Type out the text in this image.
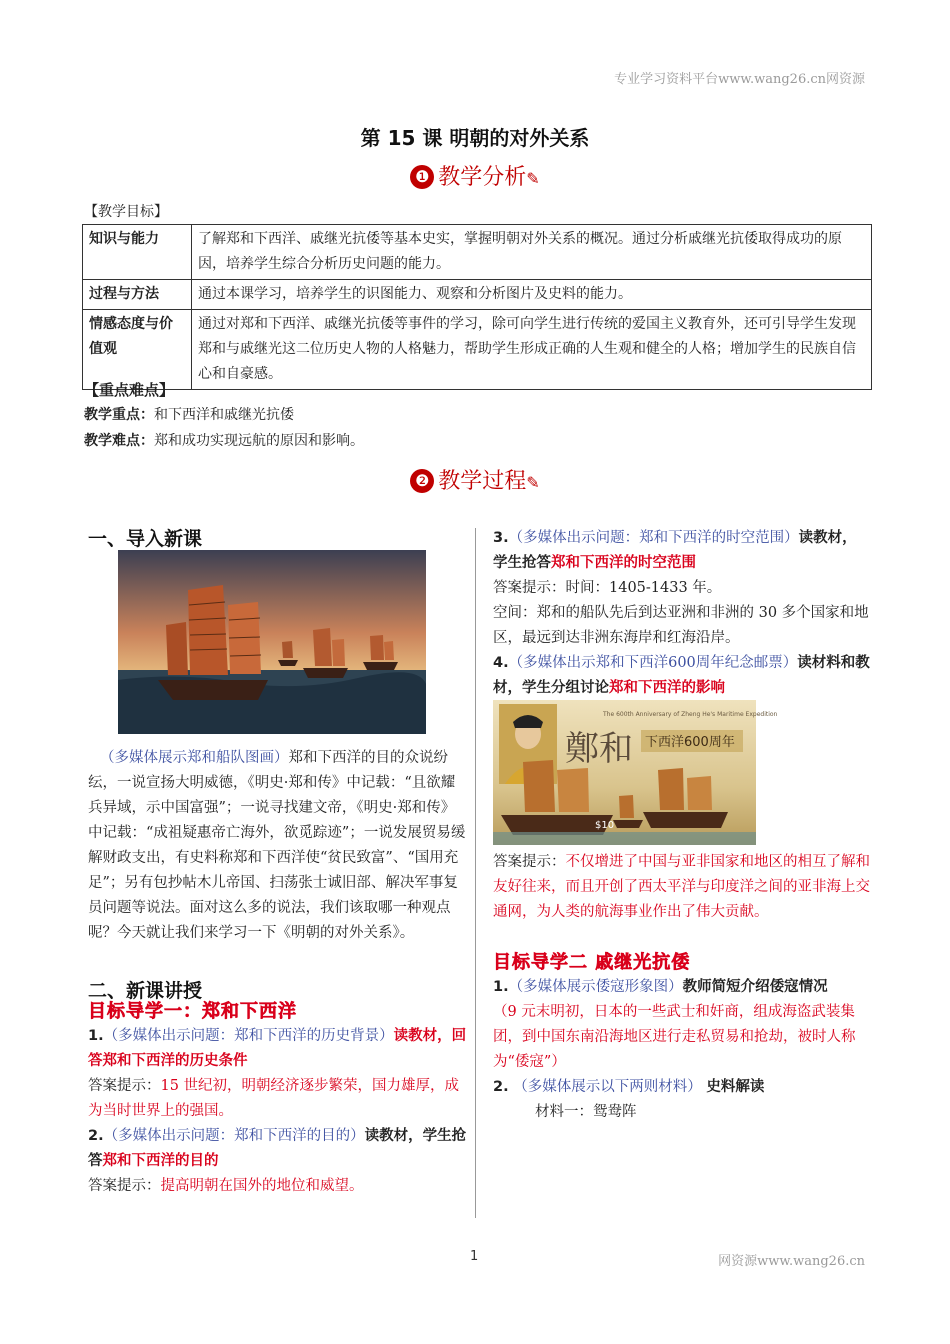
专业学习资料平台www.wang26.cn网资源
1	网资源www.wang26.cn
第 15 课 明朝的对外关系
❶ 教学分析✎
【教学目标】
知识与能力	了解郑和下西洋、戚继光抗倭等基本史实，掌握明朝对外关系的概况。通过分析戚继光抗倭取得成功的原因，培养学生综合分析历史问题的能力。
过程与方法	通过本课学习，培养学生的识图能力、观察和分析图片及史料的能力。
情感态度与价值观	通过对郑和下西洋、戚继光抗倭等事件的学习，除可向学生进行传统的爱国主义教育外，还可引导学生发现郑和与戚继光这二位历史人物的人格魅力，帮助学生形成正确的人生观和健全的人格；增加学生的民族自信心和自豪感。
【重点难点】
教学重点：和下西洋和戚继光抗倭
教学难点：郑和成功实现远航的原因和影响。
❷ 教学过程✎
一、导入新课

（多媒体展示郑和船队图画）郑和下西洋的目的众说纷纭，一说宣扬大明威德，《明史·郑和传》中记载：“且欲耀兵异域，示中国富强”；一说寻找建文帝，《明史·郑和传》中记载：“成祖疑惠帝亡海外，欲觅踪迹”；一说发展贸易缓解财政支出，有史料称郑和下西洋使“贫民致富”、“国用充足”；另有包抄帖木儿帝国、扫荡张士诚旧部、解决军事复员问题等说法。面对这么多的说法，我们该取哪一种观点呢？今天就让我们来学习一下《明朝的对外关系》。

二、新课讲授
目标导学一：郑和下西洋

1.（多媒体出示问题：郑和下西洋的历史背景）读教材，回答郑和下西洋的历史条件

答案提示：15 世纪初，明朝经济逐步繁荣，国力雄厚，成为当时世界上的强国。

2.（多媒体出示问题：郑和下西洋的目的）读教材，学生抢答郑和下西洋的目的

答案提示：提高明朝在国外的地位和威望。

3.（多媒体出示问题：郑和下西洋的时空范围）读教材，学生抢答郑和下西洋的时空范围

答案提示：时间：1405-1433 年。

空间：郑和的船队先后到达亚洲和非洲的 30 多个国家和地区，最远到达非洲东海岸和红海沿岸。

4.（多媒体出示郑和下西洋600周年纪念邮票）读材料和教材，学生分组讨论郑和下西洋的影响

鄭和
The 600th Anniversary of Zheng He's Maritime Expedition
下西洋600周年
$10

答案提示：不仅增进了中国与亚非国家和地区的相互了解和友好往来，而且开创了西太平洋与印度洋之间的亚非海上交通网，为人类的航海事业作出了伟大贡献。

目标导学二 戚继光抗倭

1.（多媒体展示倭寇形象图）教师简短介绍倭寇情况

（9 元末明初，日本的一些武士和奸商，组成海盗武装集团，到中国东南沿海地区进行走私贸易和抢劫，被时人称为“倭寇”）

2. （多媒体展示以下两则材料） 史料解读

材料一：鸳鸯阵
